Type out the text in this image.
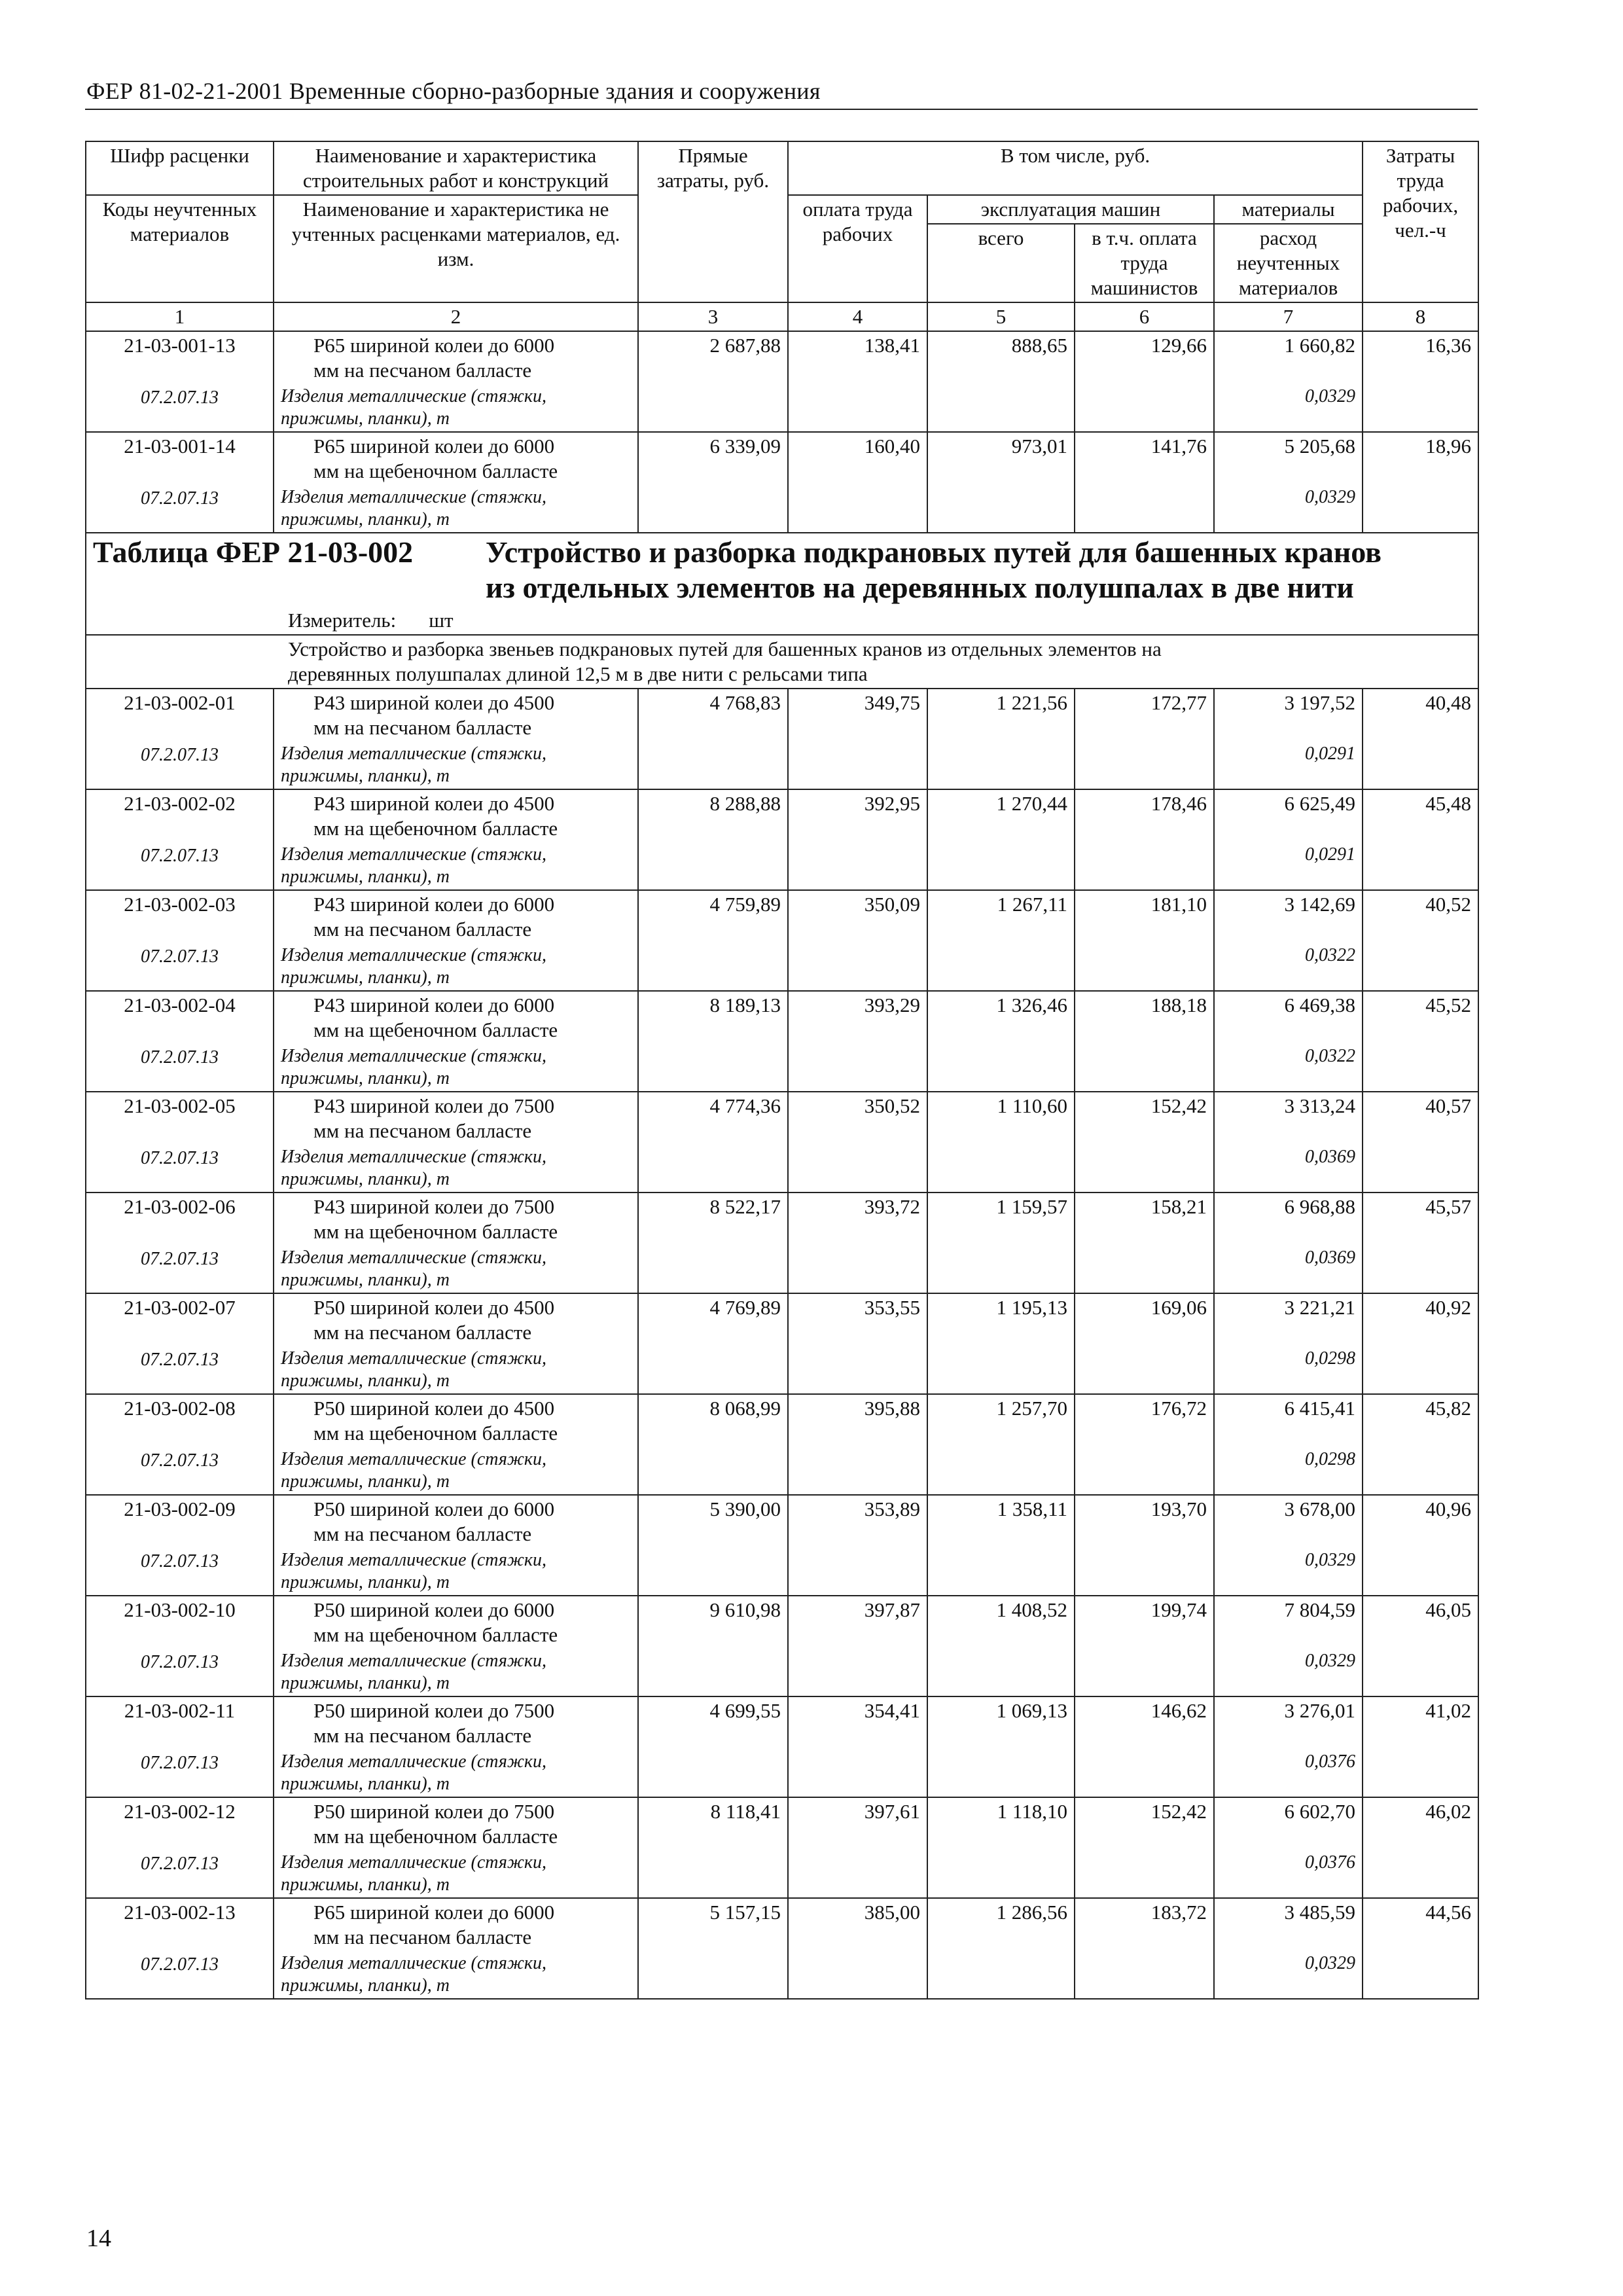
ФЕР 81-02-21-2001 Временные сборно-разборные здания и сооружения
Шифр расценки	Наименование и характеристика строительных работ и конструкций	Прямые затраты, руб.	В том числе, руб.				Затраты труда рабочих, чел.-ч

Коды неучтенных материалов	Наименование и характеристика не учтенных расценками материалов, ед. изм.		оплата труда рабочих	эксплуатация машин		материалы	
				всего	в т.ч. оплата труда машинистов	расход неучтенных материалов	

1	2	3	4	5	6	7	8
21-03-001-13	Р65 шириной колеи до 6000
мм на песчаном балласте	2 687,88	138,41	888,65	129,66	1 660,82	16,36
07.2.07.13	Изделия металлические (стяжки,
прижимы, планки), т					0,0329	
21-03-001-14	Р65 шириной колеи до 6000
мм на щебеночном балласте	6 339,09	160,40	973,01	141,76	5 205,68	18,96
07.2.07.13	Изделия металлические (стяжки,
прижимы, планки), т					0,0329	

Таблица ФЕР 21-03-002 Устройство и разборка подкрановых путей для башенных кранов
из отдельных элементов на деревянных полушпалах в две нити							

Измеритель: шт							

Устройство и разборка звеньев подкрановых путей для башенных кранов из отдельных элементов на
деревянных полушпалах длиной 12,5 м в две нити с рельсами типа							

21-03-002-01	Р43 шириной колеи до 4500
мм на песчаном балласте	4 768,83	349,75	1 221,56	172,77	3 197,52	40,48
07.2.07.13	Изделия металлические (стяжки,
прижимы, планки), т					0,0291	
21-03-002-02	Р43 шириной колеи до 4500
мм на щебеночном балласте	8 288,88	392,95	1 270,44	178,46	6 625,49	45,48
07.2.07.13	Изделия металлические (стяжки,
прижимы, планки), т					0,0291	
21-03-002-03	Р43 шириной колеи до 6000
мм на песчаном балласте	4 759,89	350,09	1 267,11	181,10	3 142,69	40,52
07.2.07.13	Изделия металлические (стяжки,
прижимы, планки), т					0,0322	
21-03-002-04	Р43 шириной колеи до 6000
мм на щебеночном балласте	8 189,13	393,29	1 326,46	188,18	6 469,38	45,52
07.2.07.13	Изделия металлические (стяжки,
прижимы, планки), т					0,0322	
21-03-002-05	Р43 шириной колеи до 7500
мм на песчаном балласте	4 774,36	350,52	1 110,60	152,42	3 313,24	40,57
07.2.07.13	Изделия металлические (стяжки,
прижимы, планки), т					0,0369	
21-03-002-06	Р43 шириной колеи до 7500
мм на щебеночном балласте	8 522,17	393,72	1 159,57	158,21	6 968,88	45,57
07.2.07.13	Изделия металлические (стяжки,
прижимы, планки), т					0,0369	
21-03-002-07	Р50 шириной колеи до 4500
мм на песчаном балласте	4 769,89	353,55	1 195,13	169,06	3 221,21	40,92
07.2.07.13	Изделия металлические (стяжки,
прижимы, планки), т					0,0298	
21-03-002-08	Р50 шириной колеи до 4500
мм на щебеночном балласте	8 068,99	395,88	1 257,70	176,72	6 415,41	45,82
07.2.07.13	Изделия металлические (стяжки,
прижимы, планки), т					0,0298	
21-03-002-09	Р50 шириной колеи до 6000
мм на песчаном балласте	5 390,00	353,89	1 358,11	193,70	3 678,00	40,96
07.2.07.13	Изделия металлические (стяжки,
прижимы, планки), т					0,0329	
21-03-002-10	Р50 шириной колеи до 6000
мм на щебеночном балласте	9 610,98	397,87	1 408,52	199,74	7 804,59	46,05
07.2.07.13	Изделия металлические (стяжки,
прижимы, планки), т					0,0329	
21-03-002-11	Р50 шириной колеи до 7500
мм на песчаном балласте	4 699,55	354,41	1 069,13	146,62	3 276,01	41,02
07.2.07.13	Изделия металлические (стяжки,
прижимы, планки), т					0,0376	
21-03-002-12	Р50 шириной колеи до 7500
мм на щебеночном балласте	8 118,41	397,61	1 118,10	152,42	6 602,70	46,02
07.2.07.13	Изделия металлические (стяжки,
прижимы, планки), т					0,0376	
21-03-002-13	Р65 шириной колеи до 6000
мм на песчаном балласте	5 157,15	385,00	1 286,56	183,72	3 485,59	44,56
07.2.07.13	Изделия металлические (стяжки,
прижимы, планки), т					0,0329	
14
